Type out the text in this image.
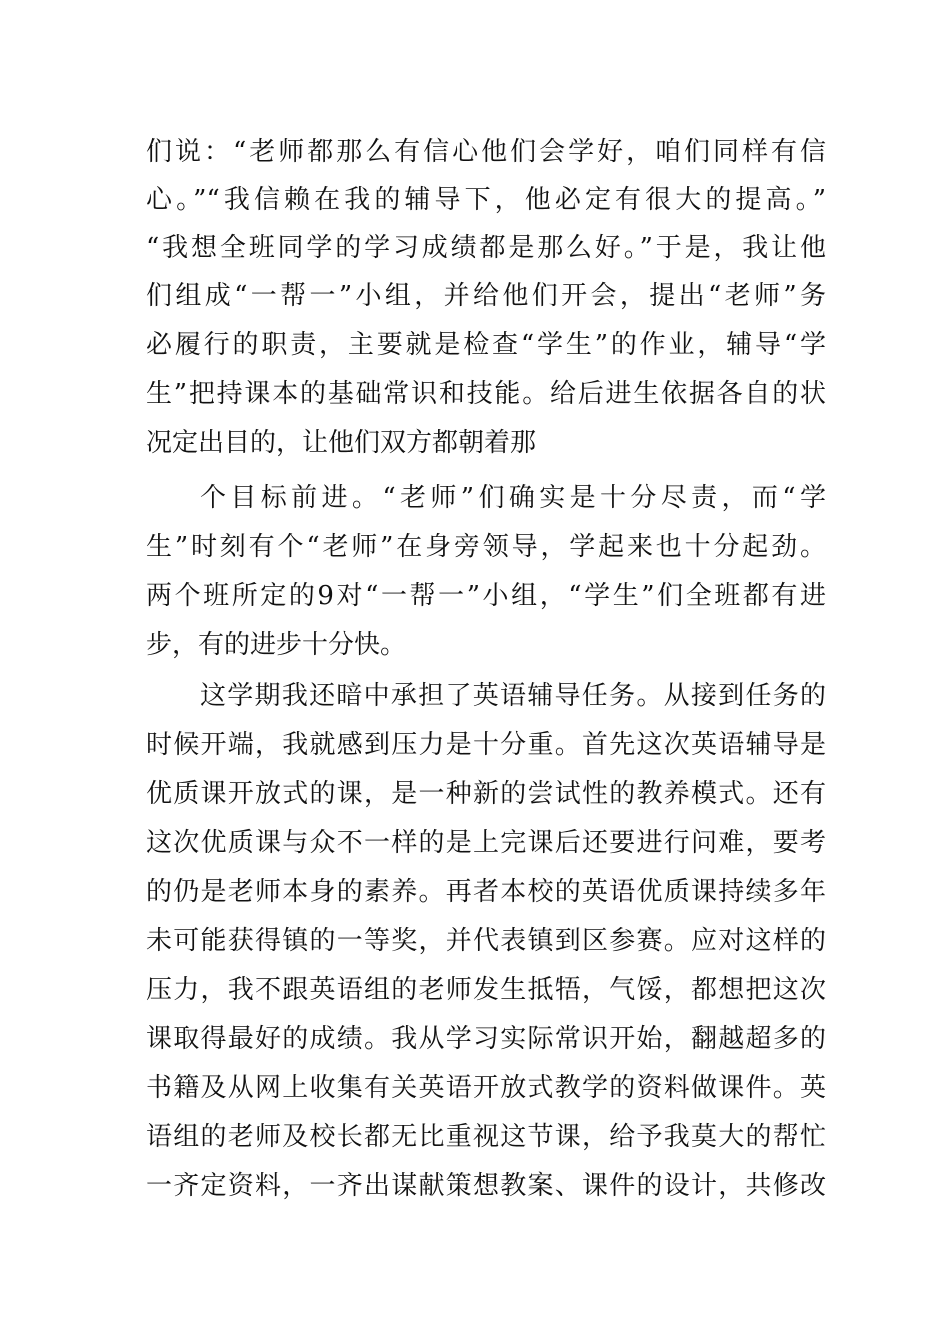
们说：“老师都那么有信心他们会学好，咱们同样有信
心。”“我信赖在我的辅导下，他必定有很大的提高。”
“我想全班同学的学习成绩都是那么好。”于是，我让他
们组成“一帮一”小组，并给他们开会，提出“老师”务
必履行的职责，主要就是检查“学生”的作业，辅导“学
生”把持课本的基础常识和技能。给后进生依据各自的状
况定出目的，让他们双方都朝着那
个目标前进。“老师”们确实是十分尽责，而“学
生”时刻有个“老师”在身旁领导，学起来也十分起劲。
两个班所定的9对“一帮一”小组，“学生”们全班都有进
步，有的进步十分快。
这学期我还暗中承担了英语辅导任务。从接到任务的
时候开端，我就感到压力是十分重。首先这次英语辅导是
优质课开放式的课，是一种新的尝试性的教养模式。还有
这次优质课与众不一样的是上完课后还要进行问难，要考
的仍是老师本身的素养。再者本校的英语优质课持续多年
未可能获得镇的一等奖，并代表镇到区参赛。应对这样的
压力，我不跟英语组的老师发生抵牾，气馁，都想把这次
课取得最好的成绩。我从学习实际常识开始，翻越超多的
书籍及从网上收集有关英语开放式教学的资料做课件。英
语组的老师及校长都无比重视这节课，给予我莫大的帮忙
一齐定资料，一齐出谋献策想教案、课件的设计，共修改
